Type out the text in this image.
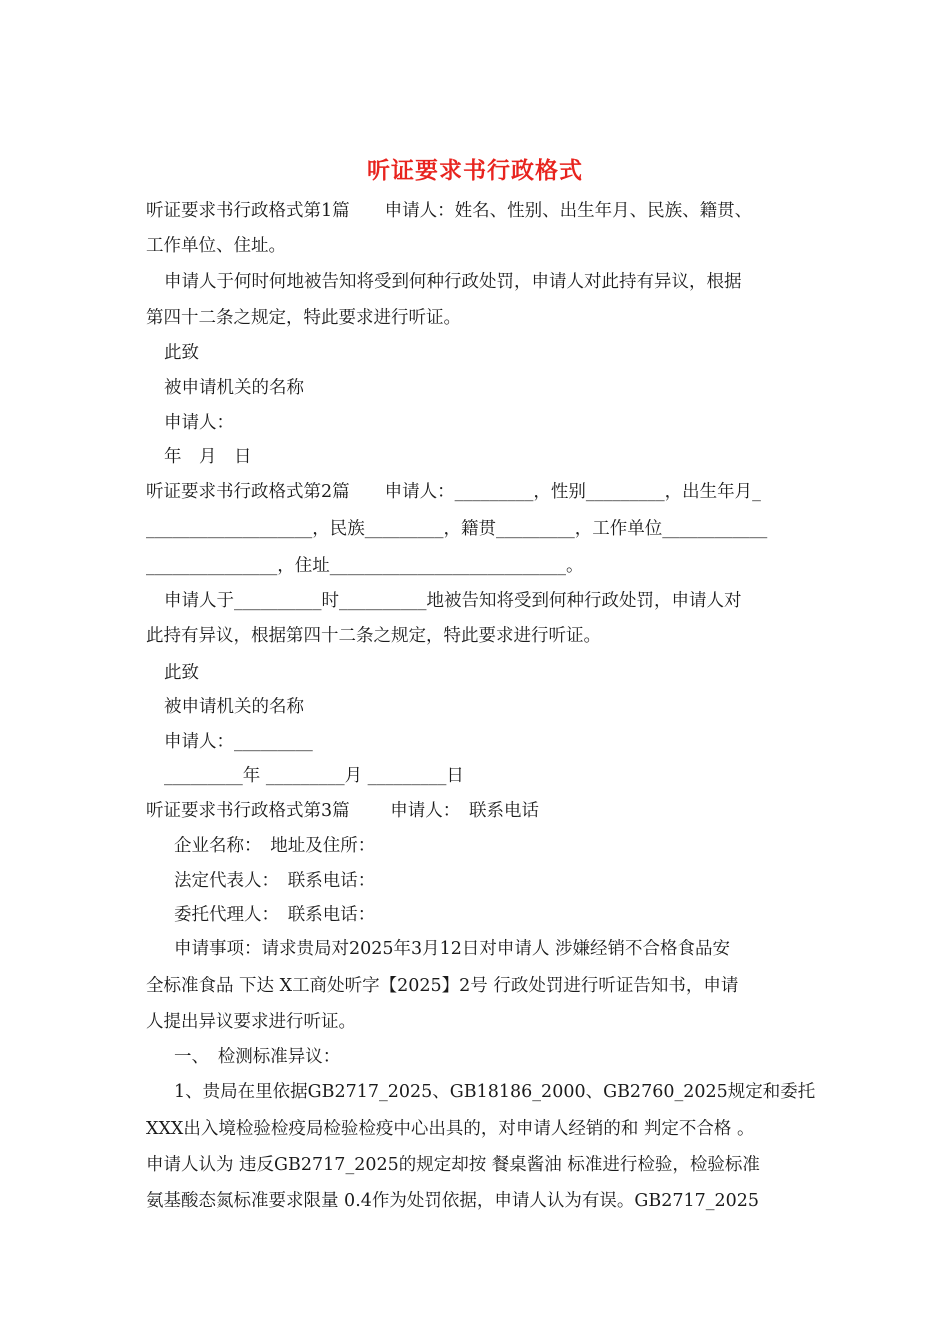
听证要求书行政格式
听证要求书行政格式第1篇　　申请人：姓名、性别、出生年月、民族、籍贯、
工作单位、住址。
申请人于何时何地被告知将受到何种行政处罚，申请人对此持有异议，根据
第四十二条之规定，特此要求进行听证。
此致
被申请机关的名称
申请人：
年　月　日
听证要求书行政格式第2篇　　申请人：_________，性别_________，出生年月_
___________________，民族_________，籍贯_________，工作单位____________
_______________，住址___________________________。
申请人于__________时__________地被告知将受到何种行政处罚，申请人对
此持有异议，根据第四十二条之规定，特此要求进行听证。
此致
被申请机关的名称
申请人：_________
_________年 _________月 _________日
听证要求书行政格式第3篇　　 申请人：　联系电话
企业名称：　地址及住所：
法定代表人：　联系电话：
委托代理人：　联系电话：
申请事项：请求贵局对2025年3月12日对申请人 涉嫌经销不合格食品安
全标准食品 下达 X工商处听字【2025】2号 行政处罚进行听证告知书，申请
人提出异议要求进行听证。
一、　检测标准异议：
1、贵局在里依据GB2717_2025、GB18186_2000、GB2760_2025规定和委托
XXX出入境检验检疫局检验检疫中心出具的，对申请人经销的和 判定不合格 。
申请人认为 违反GB2717_2025的规定却按 餐桌酱油 标准进行检验，检验标准
氨基酸态氮标准要求限量 0.4作为处罚依据，申请人认为有误。GB2717_2025
